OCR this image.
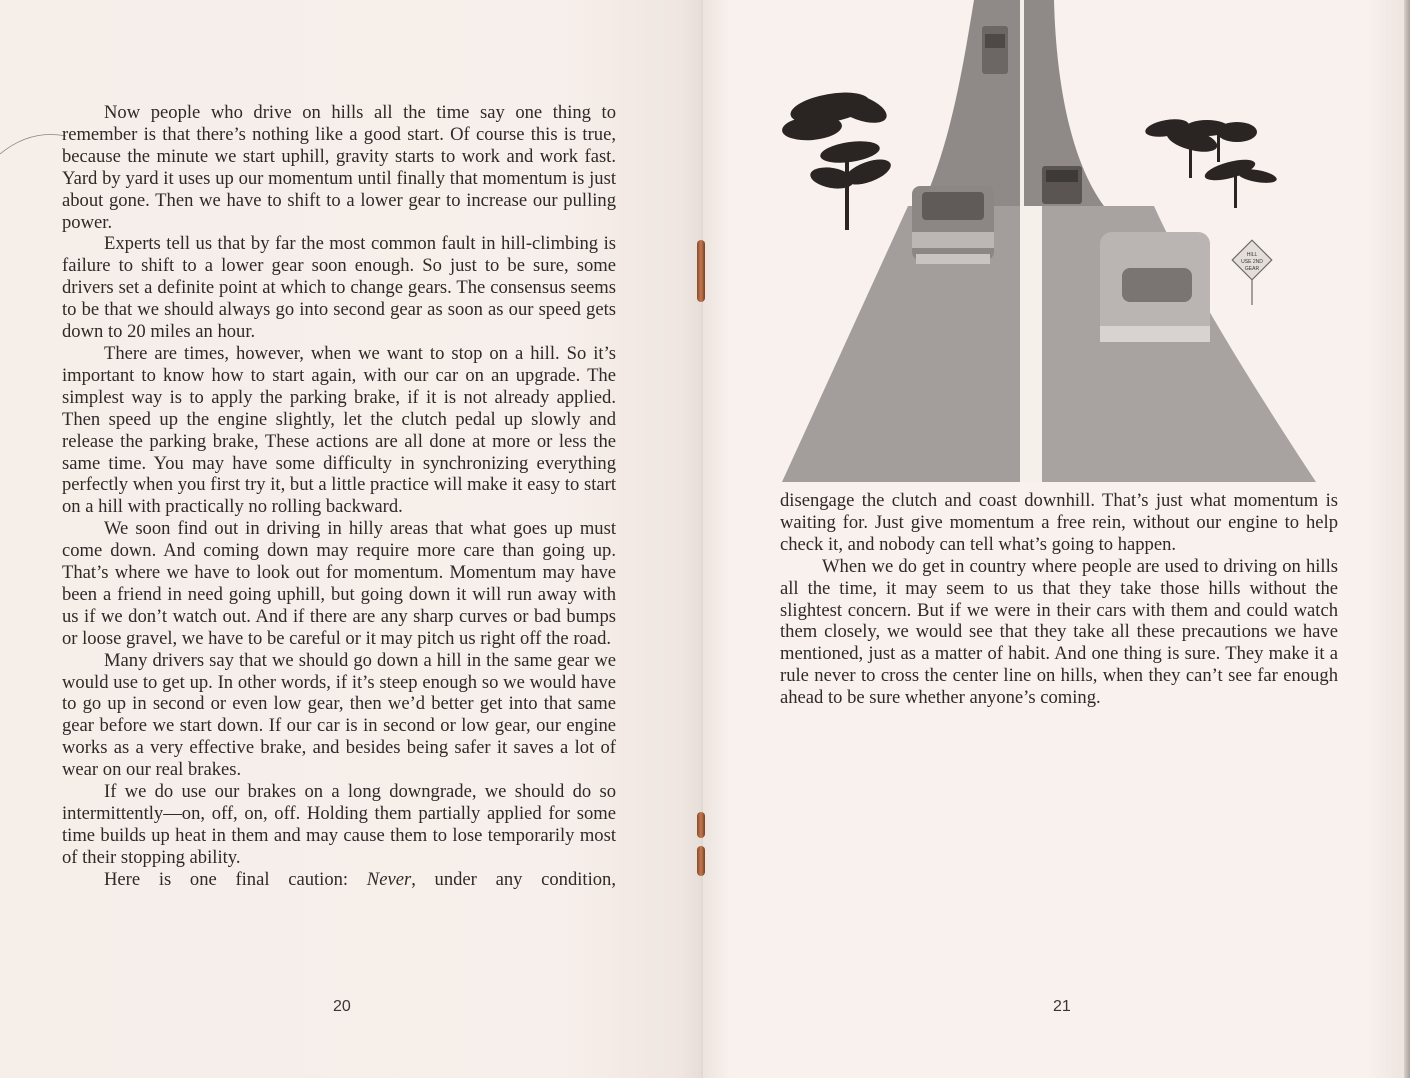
Now people who drive on hills all the time say one thing to remember is that there’s nothing like a good start. Of course this is true, because the minute we start uphill, gravity starts to work and work fast. Yard by yard it uses up our momentum until finally that momentum is just about gone. Then we have to shift to a lower gear to increase our pulling power.

Experts tell us that by far the most common fault in hill-climbing is failure to shift to a lower gear soon enough. So just to be sure, some drivers set a definite point at which to change gears. The consensus seems to be that we should always go into second gear as soon as our speed gets down to 20 miles an hour.

There are times, however, when we want to stop on a hill. So it’s important to know how to start again, with our car on an upgrade. The simplest way is to apply the parking brake, if it is not already applied. Then speed up the engine slightly, let the clutch pedal up slowly and release the parking brake, These actions are all done at more or less the same time. You may have some difficulty in synchronizing everything perfectly when you first try it, but a little practice will make it easy to start on a hill with practically no rolling backward.

We soon find out in driving in hilly areas that what goes up must come down. And coming down may require more care than going up. That’s where we have to look out for momentum. Momentum may have been a friend in need going uphill, but going down it will run away with us if we don’t watch out. And if there are any sharp curves or bad bumps or loose gravel, we have to be careful or it may pitch us right off the road.

Many drivers say that we should go down a hill in the same gear we would use to get up. In other words, if it’s steep enough so we would have to go up in second or even low gear, then we’d better get into that same gear before we start down. If our car is in second or low gear, our engine works as a very effective brake, and besides being safer it saves a lot of wear on our real brakes.

If we do use our brakes on a long downgrade, we should do so intermittently—on, off, on, off. Holding them partially applied for some time builds up heat in them and may cause them to lose temporarily most of their stopping ability.

Here is one final caution: Never, under any condition,

20
HILL
USE 2ND
GEAR

disengage the clutch and coast downhill. That’s just what momentum is waiting for. Just give momentum a free rein, without our engine to help check it, and nobody can tell what’s going to happen.

When we do get in country where people are used to driving on hills all the time, it may seem to us that they take those hills without the slightest concern. But if we were in their cars with them and could watch them closely, we would see that they take all these precautions we have mentioned, just as a matter of habit. And one thing is sure. They make it a rule never to cross the center line on hills, when they can’t see far enough ahead to be sure whether anyone’s coming.

21
